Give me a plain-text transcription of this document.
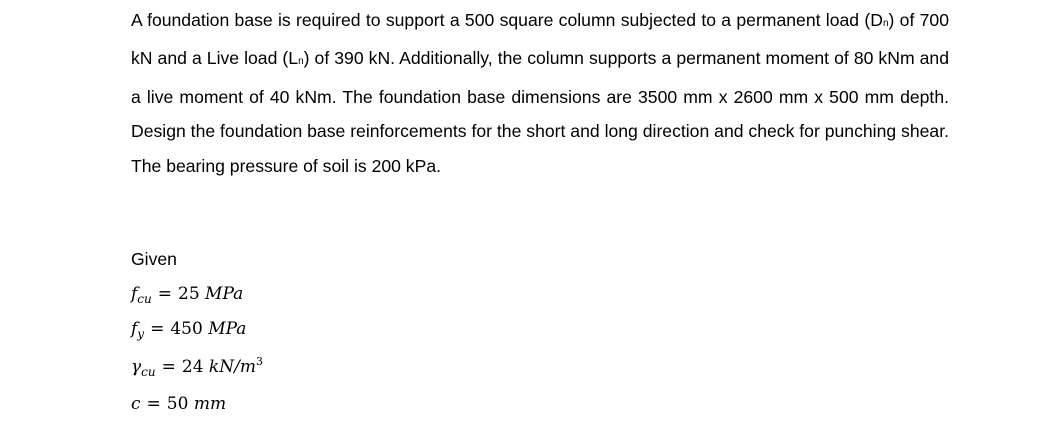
A foundation base is required to support a 500 square column subjected to a permanent load (Dn) of 700 kN and a Live load (Ln) of 390 kN. Additionally, the column supports a permanent moment of 80 kNm and a live moment of 40 kNm. The foundation base dimensions are 3500 mm x 2600 mm x 500 mm depth. Design the foundation base reinforcements for the short and long direction and check for punching shear. The bearing pressure of soil is 200 kPa.

Given

$f_{cu} = 25$ MPa

$f_y = 450$ MPa

$\gamma_{cu} = 24$ $kN/m^3$

c = 50 mm
